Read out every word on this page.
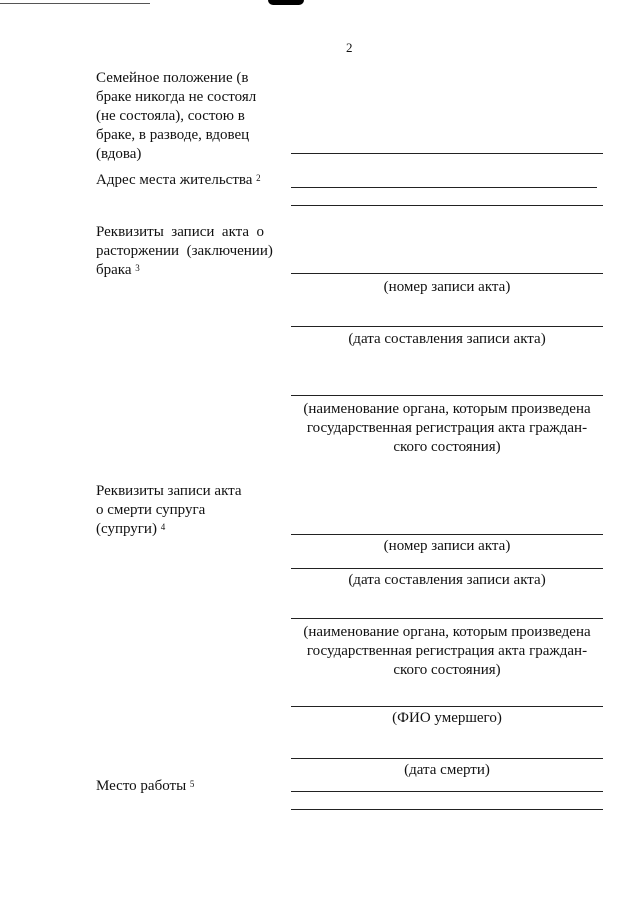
2
Семейное положение (в
браке никогда не состоял
(не состояла), состою в
браке, в разводе, вдовец
(вдова)
Адрес места жительства $^2$
Реквизиты  записи  акта  о
расторжении  (заключении)
брака $^3$
(номер записи акта)
(дата составления записи акта)
(наименование органа, которым произведена
государственная регистрация акта граждан-
ского состояния)
Реквизиты записи акта
о смерти супруга
(супруги) $^4$
(номер записи акта)
(дата составления записи акта)
(наименование органа, которым произведена
государственная регистрация акта граждан-
ского состояния)
(ФИО умершего)
(дата смерти)
Место работы $^5$
